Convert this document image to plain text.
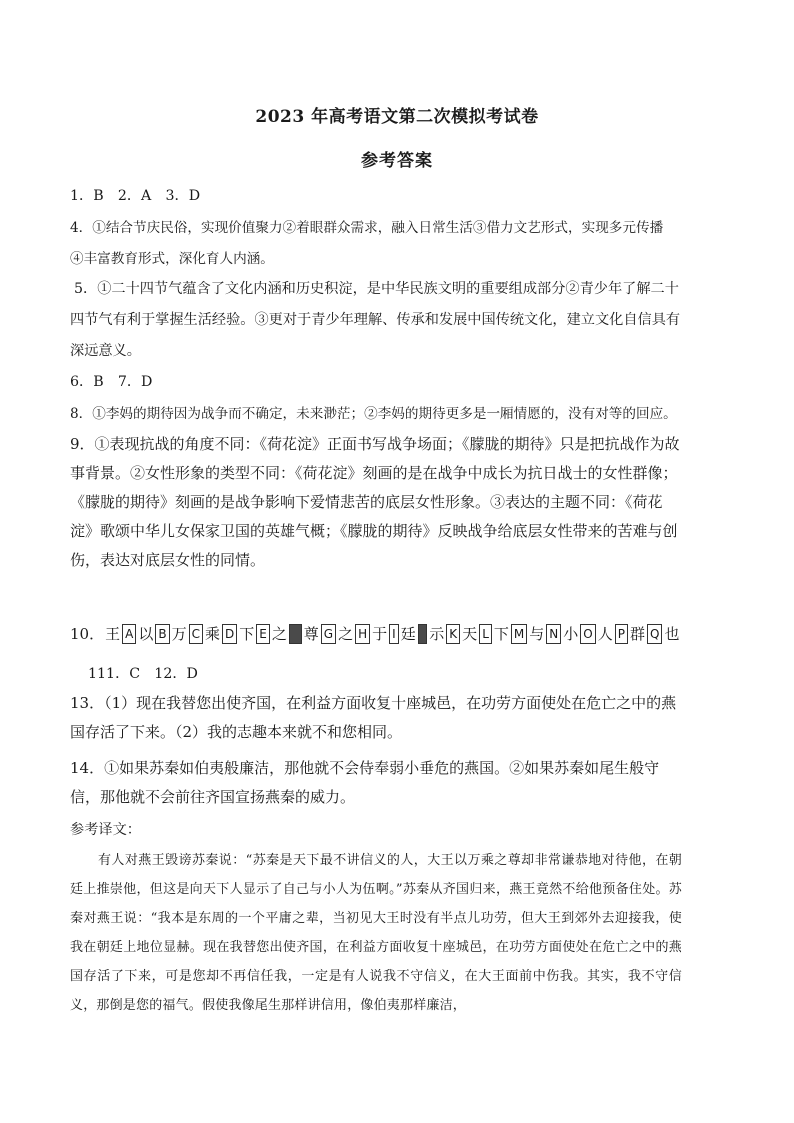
2023 年高考语文第二次模拟考试卷
参考答案
1．B　2．A　3．D
4．①结合节庆民俗，实现价值聚力②着眼群众需求，融入日常生活③借力文艺形式，实现多元传播
④丰富教育形式，深化育人内涵。
5．①二十四节气蕴含了文化内涵和历史积淀，是中华民族文明的重要组成部分②青少年了解二十
四节气有利于掌握生活经验。③更对于青少年理解、传承和发展中国传统文化，建立文化自信具有
深远意义。
6．B　7．D
8．①李妈的期待因为战争而不确定，未来渺茫；②李妈的期待更多是一厢情愿的，没有对等的回应。
9．①表现抗战的角度不同：《荷花淀》正面书写战争场面；《朦胧的期待》只是把抗战作为故事背景。②女性形象的类型不同：《荷花淀》刻画的是在战争中成长为抗日战士的女性群像；《朦胧的期待》刻画的是战争影响下爱情悲苦的底层女性形象。③表达的主题不同：《荷花淀》歌颂中华儿女保家卫国的英雄气概；《朦胧的期待》反映战争给底层女性带来的苦难与创伤，表达对底层女性的同情。
10． 王 A 以 B 万 C 乘 D 下 E 之 F 尊 G 之 H 于 I 廷 J 示 K 天 L 下 M 与 N 小 O 人 P 群 Q 也
111．C　12．D
13．（1）现在我替您出使齐国，在利益方面收复十座城邑，在功劳方面使处在危亡之中的燕国存活了下来。（2）我的志趣本来就不和您相同。
14．①如果苏秦如伯夷般廉洁，那他就不会侍奉弱小垂危的燕国。②如果苏秦如尾生般守信，那他就不会前往齐国宣扬燕秦的威力。
参考译文：
有人对燕王毁谤苏秦说：“苏秦是天下最不讲信义的人，大王以万乘之尊却非常谦恭地对待他，在朝廷上推崇他，但这是向天下人显示了自己与小人为伍啊。”苏秦从齐国归来，燕王竟然不给他预备住处。苏秦对燕王说：“我本是东周的一个平庸之辈，当初见大王时没有半点儿功劳，但大王到郊外去迎接我，使我在朝廷上地位显赫。现在我替您出使齐国，在利益方面收复十座城邑，在功劳方面使处在危亡之中的燕国存活了下来，可是您却不再信任我，一定是有人说我不守信义，在大王面前中伤我。其实，我不守信义，那倒是您的福气。假使我像尾生那样讲信用，像伯夷那样廉洁，
